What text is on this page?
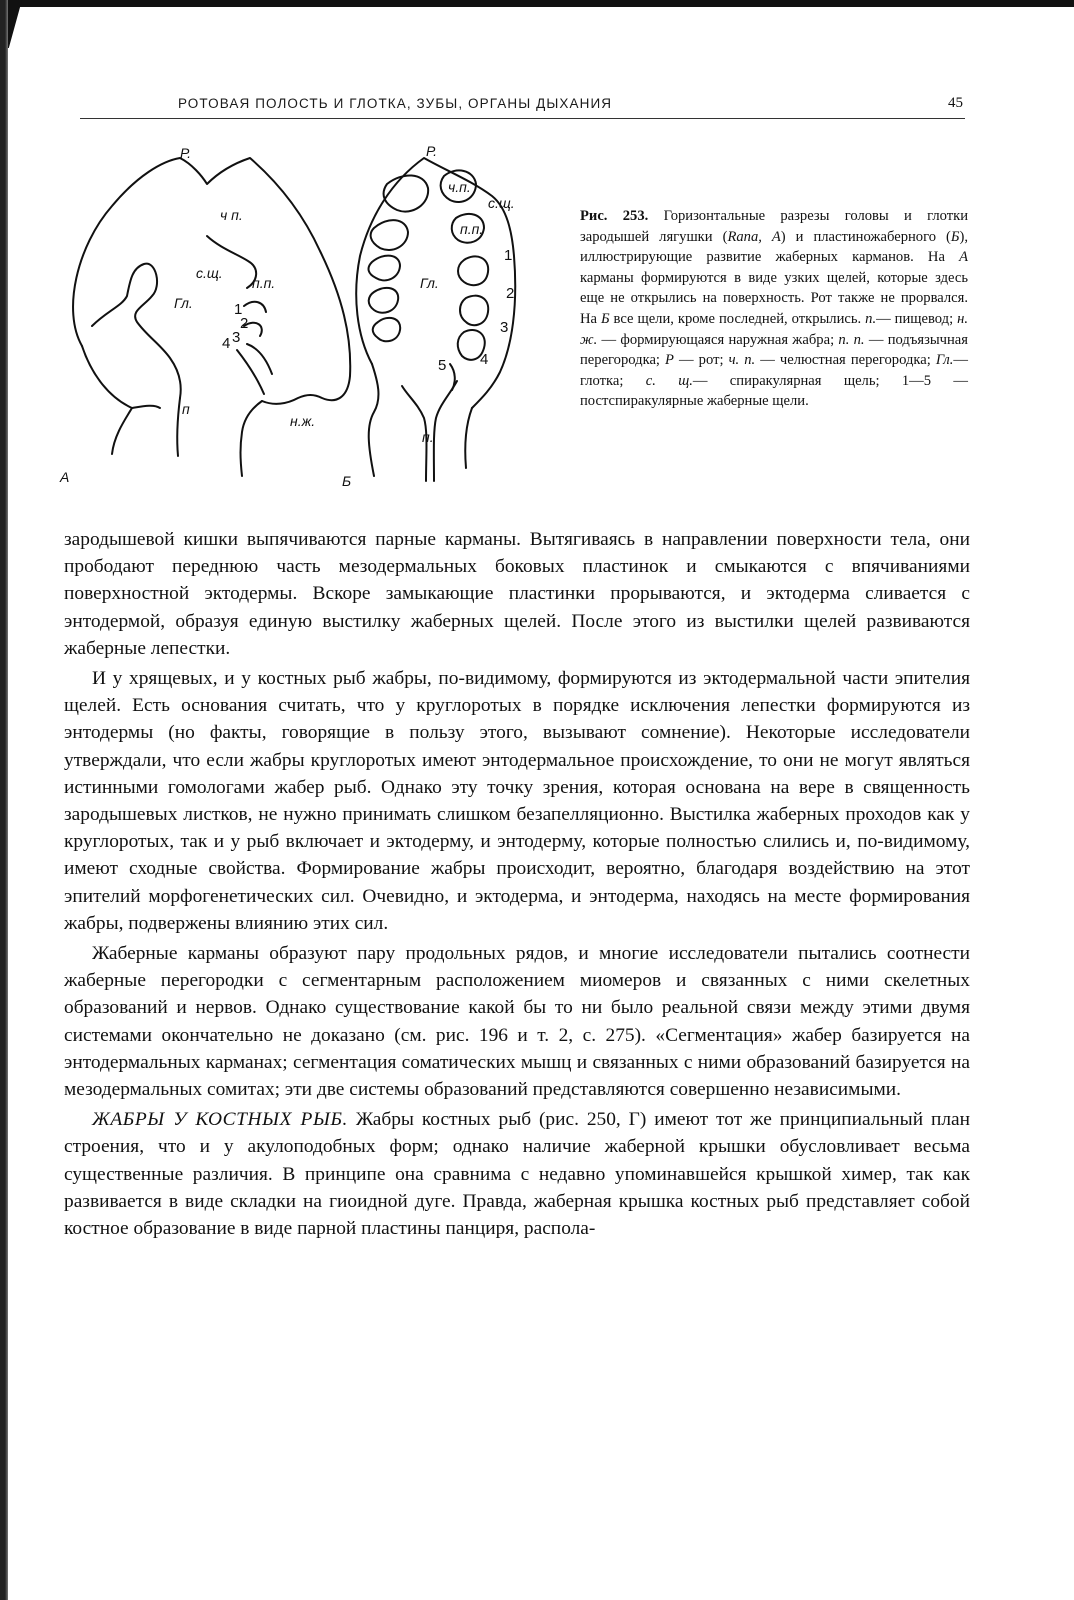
РОТОВАЯ ПОЛОСТЬ И ГЛОТКА, ЗУБЫ, ОРГАНЫ ДЫХАНИЯ	45
Р.
ч п.
с.щ.
п.п.
Гл.	1
2
3
4
п
н.ж.
А
Р.
ч.п.
с.щ.
п.п.
Гл.
1
2
3
4
5
п.
Б
Рис. 253. Горизонтальные разрезы головы и глотки зародышей лягушки (Rana, А) и пластиножаберного (Б), иллюстрирующие развитие жаберных карманов. На А карманы формируются в виде узких щелей, которые здесь еще не открылись на поверхность. Рот также не прорвался. На Б все щели, кроме последней, открылись. п.— пищевод; н. ж. — формирующаяся наружная жабра; п. п. — подъязычная перегородка; Р — рот; ч. п. — челюстная перегородка; Гл.— глотка; с. щ.— спиракулярная щель; 1—5 — постспиракулярные жаберные щели.

зародышевой кишки выпячиваются парные карманы. Вытягиваясь в направлении поверхности тела, они прободают переднюю часть мезодермальных боковых пластинок и смыкаются с впячиваниями поверхностной эктодермы. Вскоре замыкающие пластинки прорываются, и эктодерма сливается с энтодермой, образуя единую выстилку жаберных щелей. После этого из выстилки щелей развиваются жаберные лепестки.

И у хрящевых, и у костных рыб жабры, по-видимому, формируются из эктодермальной части эпителия щелей. Есть основания считать, что у круглоротых в порядке исключения лепестки формируются из энтодермы (но факты, говорящие в пользу этого, вызывают сомнение). Некоторые исследователи утверждали, что если жабры круглоротых имеют энтодермальное происхождение, то они не могут являться истинными гомологами жабер рыб. Однако эту точку зрения, которая основана на вере в священность зародышевых листков, не нужно принимать слишком безапелляционно. Выстилка жаберных проходов как у круглоротых, так и у рыб включает и эктодерму, и энтодерму, которые полностью слились и, по-видимому, имеют сходные свойства. Формирование жабры происходит, вероятно, благодаря воздействию на этот эпителий морфогенетических сил. Очевидно, и эктодерма, и энтодерма, находясь на месте формирования жабры, подвержены влиянию этих сил.

Жаберные карманы образуют пару продольных рядов, и многие исследователи пытались соотнести жаберные перегородки с сегментарным расположением миомеров и связанных с ними скелетных образований и нервов. Однако существование какой бы то ни было реальной связи между этими двумя системами окончательно не доказано (см. рис. 196 и т. 2, с. 275). «Сегментация» жабер базируется на энтодермальных карманах; сегментация соматических мышц и связанных с ними образований базируется на мезодермальных сомитах; эти две системы образований представляются совершенно независимыми.

ЖАБРЫ У КОСТНЫХ РЫБ. Жабры костных рыб (рис. 250, Г) имеют тот же принципиальный план строения, что и у акулоподобных форм; однако наличие жаберной крышки обусловливает весьма существенные различия. В принципе она сравнима с недавно упоминавшейся крышкой химер, так как развивается в виде складки на гиоидной дуге. Правда, жаберная крышка костных рыб представляет собой костное образование в виде парной пластины панциря, распола-
